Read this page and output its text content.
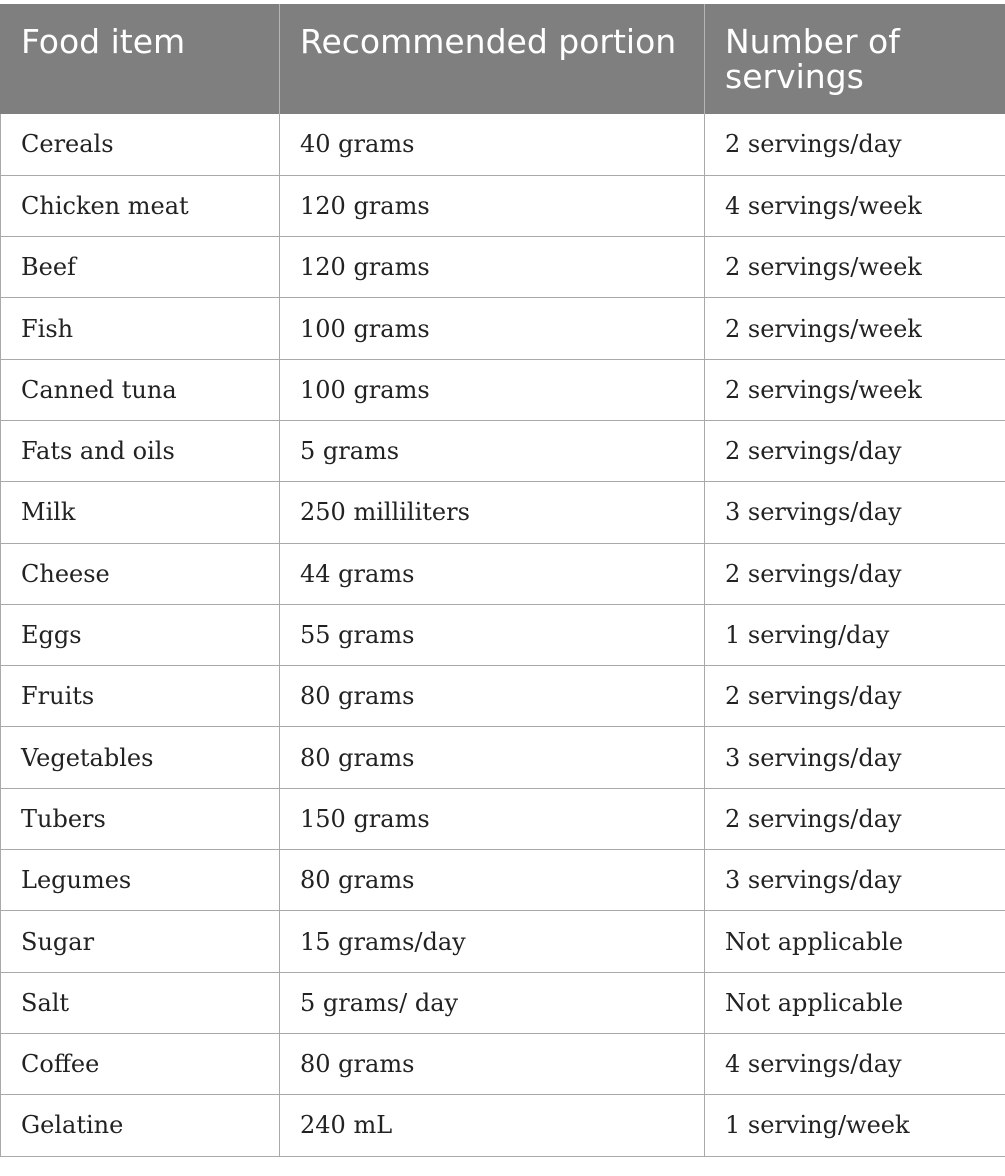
Food item	Recommended portion	Number of servings
Cereals	40 grams	2 servings/day
Chicken meat	120 grams	4 servings/week
Beef	120 grams	2 servings/week
Fish	100 grams	2 servings/week
Canned tuna	100 grams	2 servings/week
Fats and oils	5 grams	2 servings/day
Milk	250 milliliters	3 servings/day
Cheese	44 grams	2 servings/day
Eggs	55 grams	1 serving/day
Fruits	80 grams	2 servings/day
Vegetables	80 grams	3 servings/day
Tubers	150 grams	2 servings/day
Legumes	80 grams	3 servings/day
Sugar	15 grams/day	Not applicable
Salt	5 grams/ day	Not applicable
Coffee	80 grams	4 servings/day
Gelatine	240 mL	1 serving/week
